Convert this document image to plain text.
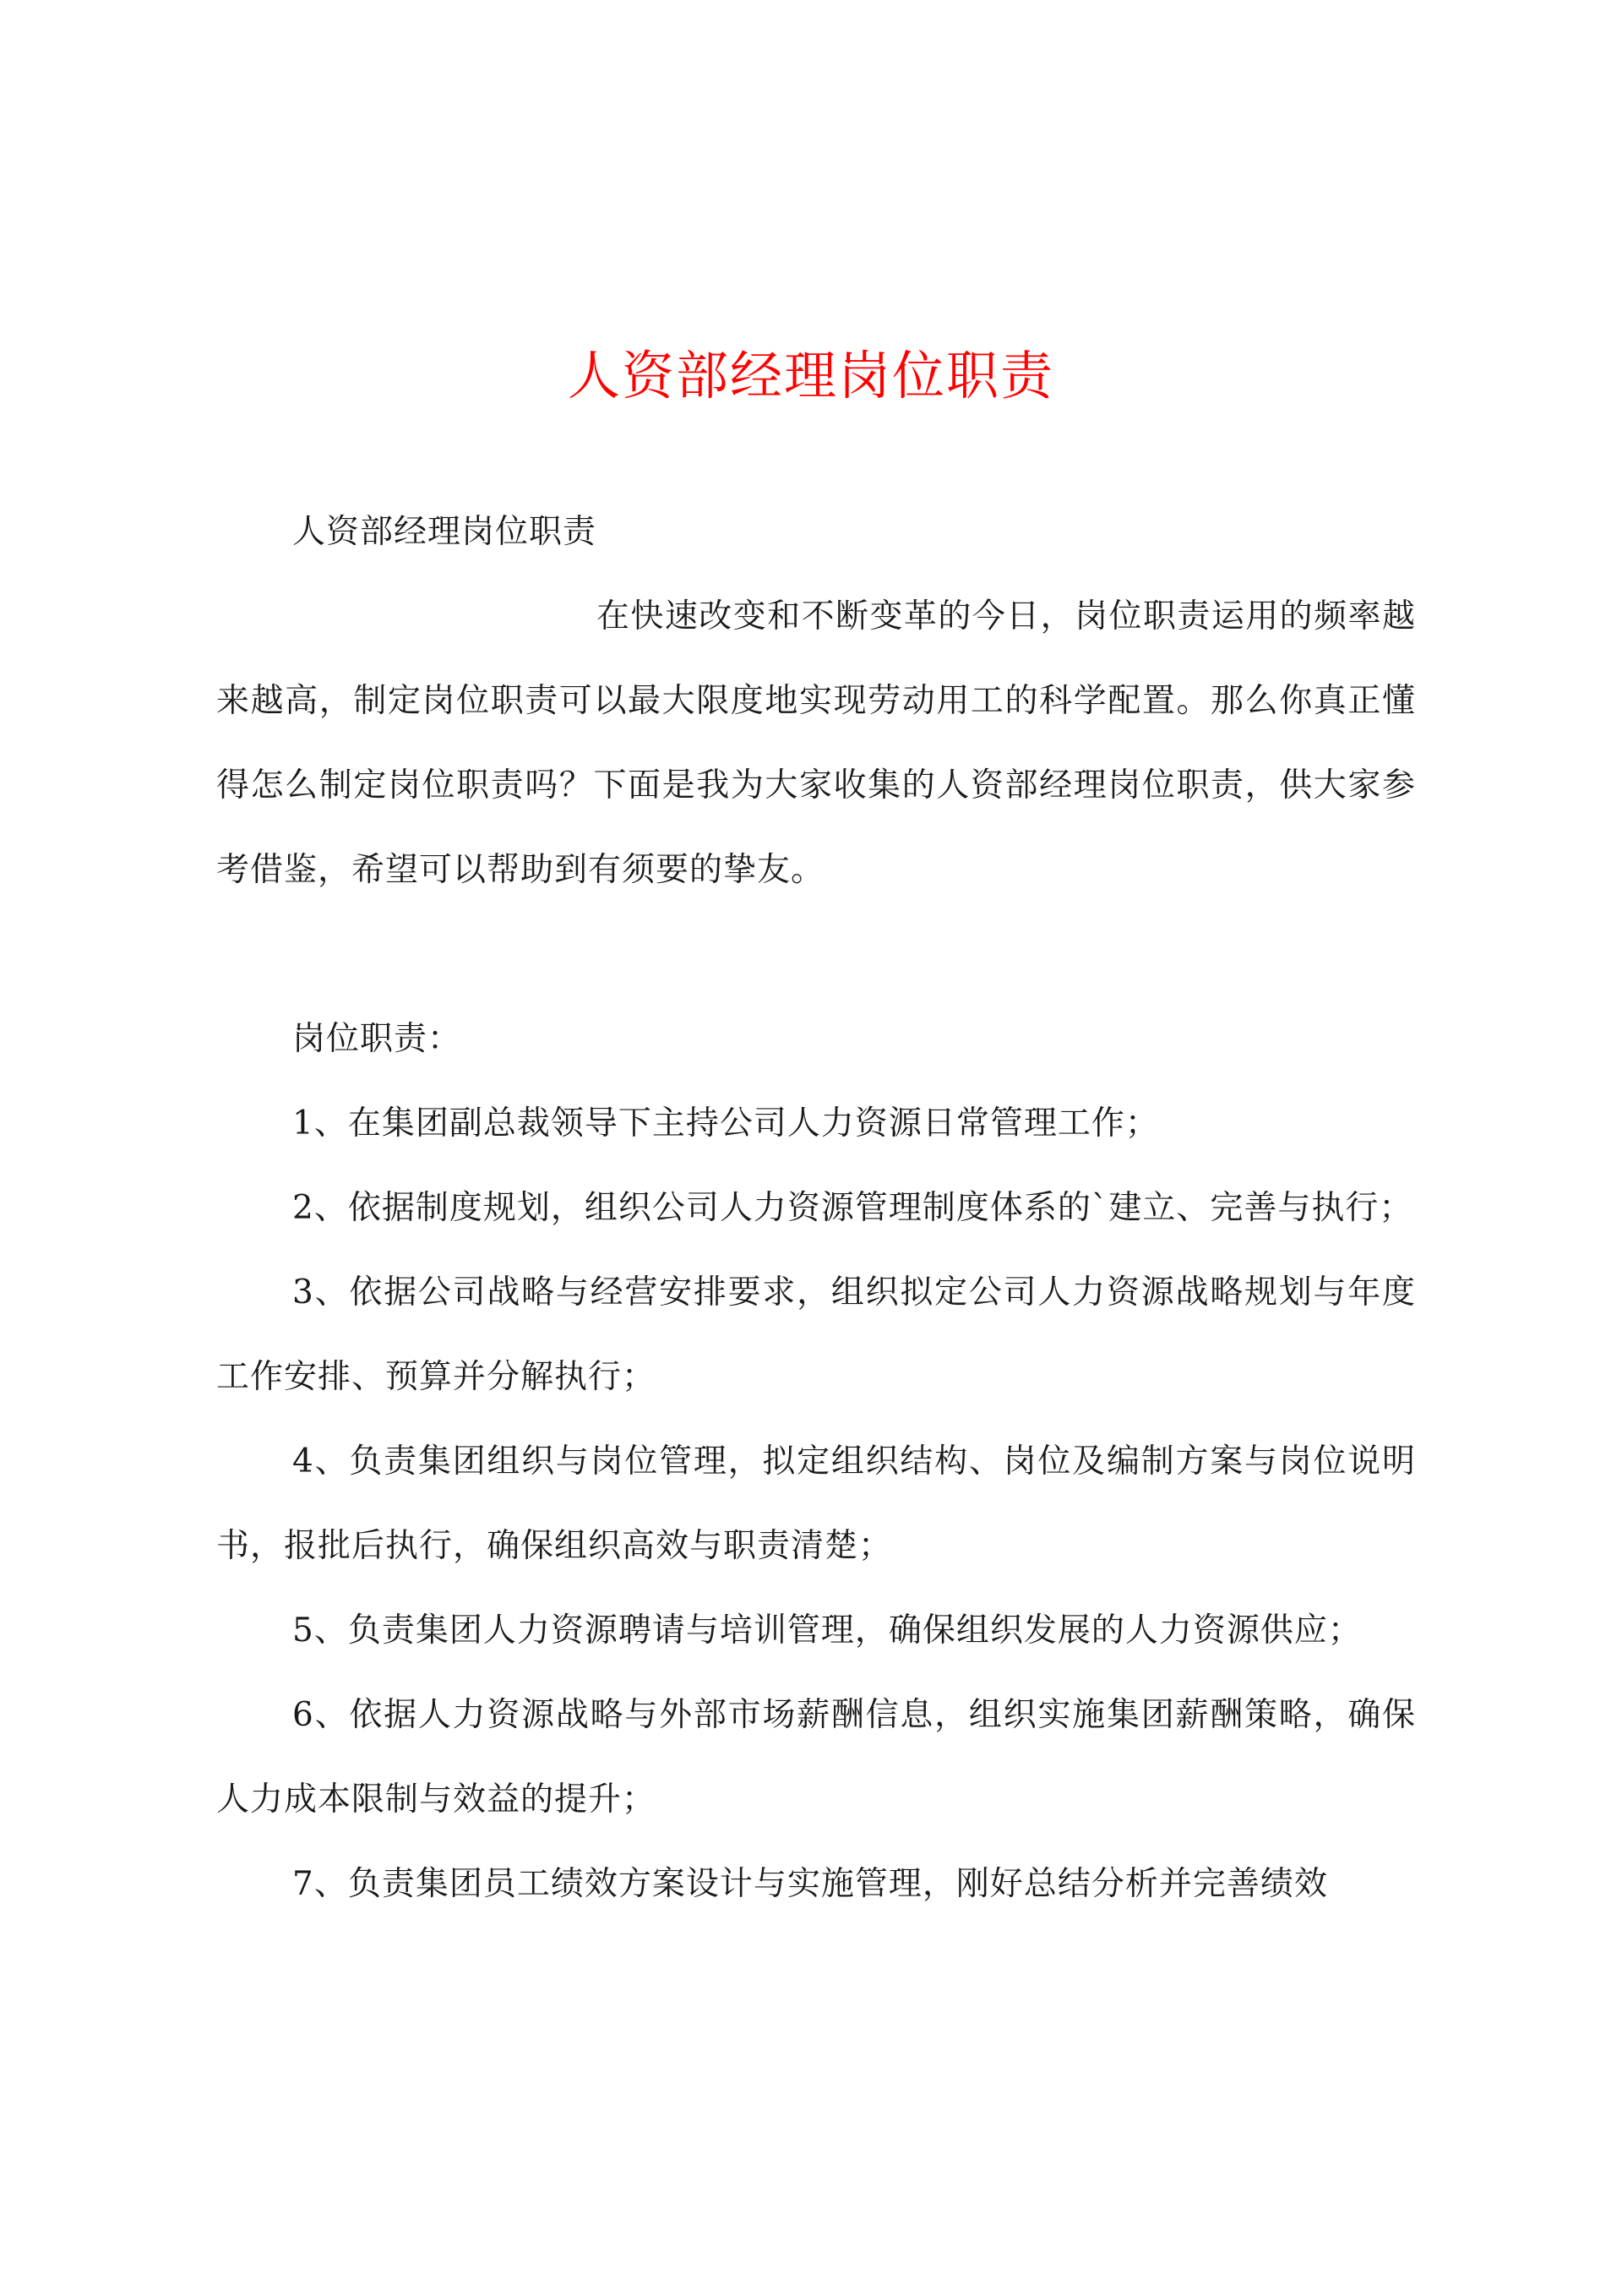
人资部经理岗位职责

人资部经理岗位职责

在快速改变和不断变革的今日，岗位职责运用的频率越来越高，制定岗位职责可以最大限度地实现劳动用工的科学配置。那么你真正懂得怎么制定岗位职责吗？下面是我为大家收集的人资部经理岗位职责，供大家参考借鉴，希望可以帮助到有须要的挚友。

岗位职责：

1、在集团副总裁领导下主持公司人力资源日常管理工作；

2、依据制度规划，组织公司人力资源管理制度体系的`建立、完善与执行；

3、依据公司战略与经营安排要求，组织拟定公司人力资源战略规划与年度工作安排、预算并分解执行；

4、负责集团组织与岗位管理，拟定组织结构、岗位及编制方案与岗位说明书，报批后执行，确保组织高效与职责清楚；

5、负责集团人力资源聘请与培训管理，确保组织发展的人力资源供应；

6、依据人力资源战略与外部市场薪酬信息，组织实施集团薪酬策略，确保人力成本限制与效益的提升；

7、负责集团员工绩效方案设计与实施管理，刚好总结分析并完善绩效
